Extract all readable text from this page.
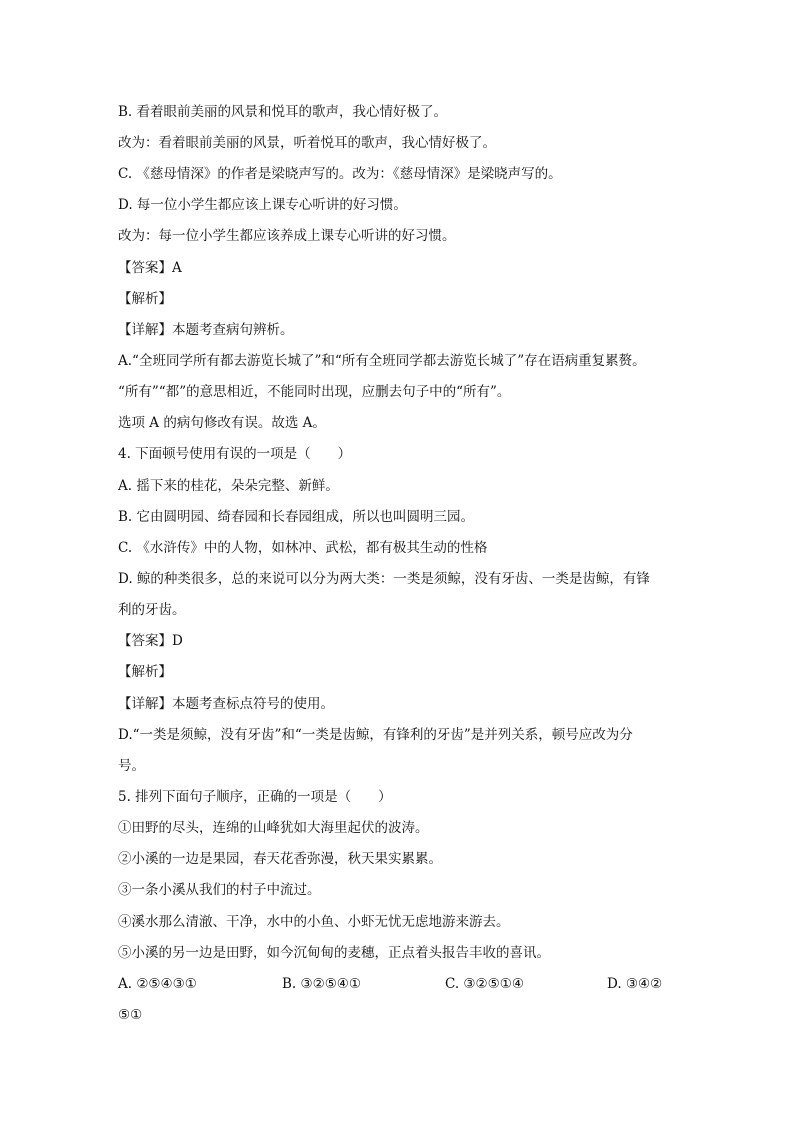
B. 看着眼前美丽的风景和悦耳的歌声，我心情好极了。
改为：看着眼前美丽的风景，听着悦耳的歌声，我心情好极了。
C. 《慈母情深》的作者是梁晓声写的。改为：《慈母情深》是梁晓声写的。
D. 每一位小学生都应该上课专心听讲的好习惯。
改为：每一位小学生都应该养成上课专心听讲的好习惯。
【答案】A
【解析】
【详解】本题考查病句辨析。
A.“全班同学所有都去游览长城了”和“所有全班同学都去游览长城了”存在语病重复累赘。
“所有”“都”的意思相近，不能同时出现，应删去句子中的“所有”。
选项 A 的病句修改有误。故选 A。
4. 下面顿号使用有误的一项是（　　）
A. 摇下来的桂花，朵朵完整、新鲜。
B. 它由圆明园、绮春园和长春园组成，所以也叫圆明三园。
C. 《水浒传》中的人物，如林冲、武松，都有极其生动的性格
D. 鲸的种类很多，总的来说可以分为两大类：一类是须鲸，没有牙齿、一类是齿鲸，有锋
利的牙齿。
【答案】D
【解析】
【详解】本题考查标点符号的使用。
D.“一类是须鲸，没有牙齿”和“一类是齿鲸，有锋利的牙齿”是并列关系，顿号应改为分
号。
5. 排列下面句子顺序，正确的一项是（　　）
①田野的尽头，连绵的山峰犹如大海里起伏的波涛。
②小溪的一边是果园，春天花香弥漫，秋天果实累累。
③一条小溪从我们的村子中流过。
④溪水那么清澈、干净，水中的小鱼、小虾无忧无虑地游来游去。
⑤小溪的另一边是田野，如今沉甸甸的麦穗，正点着头报告丰收的喜讯。
A. ②⑤④③①	B. ③②⑤④①	C. ③②⑤①④	D. ③④②
⑤①
